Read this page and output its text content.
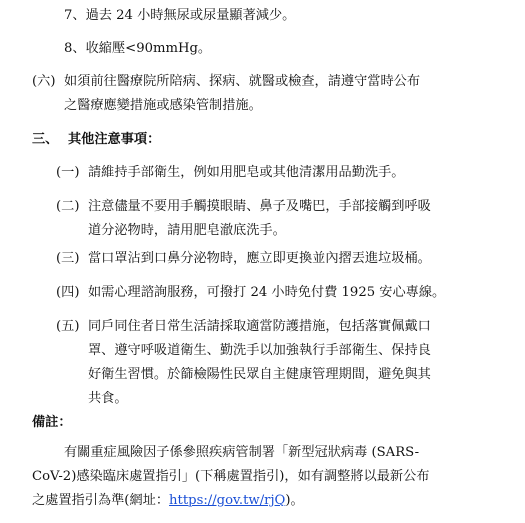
7、過去 24 小時無尿或尿量顯著減少。
8、收縮壓<90mmHg。
(六) 如須前往醫療院所陪病、探病、就醫或檢查，請遵守當時公布
之醫療應變措施或感染管制措施。
三、 其他注意事項：
(一) 請維持手部衛生，例如用肥皂或其他清潔用品勤洗手。
(二) 注意儘量不要用手觸摸眼睛、鼻子及嘴巴，手部接觸到呼吸
道分泌物時，請用肥皂澈底洗手。
(三) 當口罩沾到口鼻分泌物時，應立即更換並內摺丟進垃圾桶。
(四) 如需心理諮詢服務，可撥打 24 小時免付費 1925 安心專線。
(五) 同戶同住者日常生活請採取適當防護措施，包括落實佩戴口
罩、遵守呼吸道衛生、勤洗手以加強執行手部衛生、保持良
好衛生習慣。於篩檢陽性民眾自主健康管理期間，避免與其
共食。
備註：
有關重症風險因子係參照疾病管制署「新型冠狀病毒 (SARS-
CoV-2)感染臨床處置指引」(下稱處置指引)，如有調整將以最新公布
之處置指引為準(網址：https://gov.tw/rjQ)。
